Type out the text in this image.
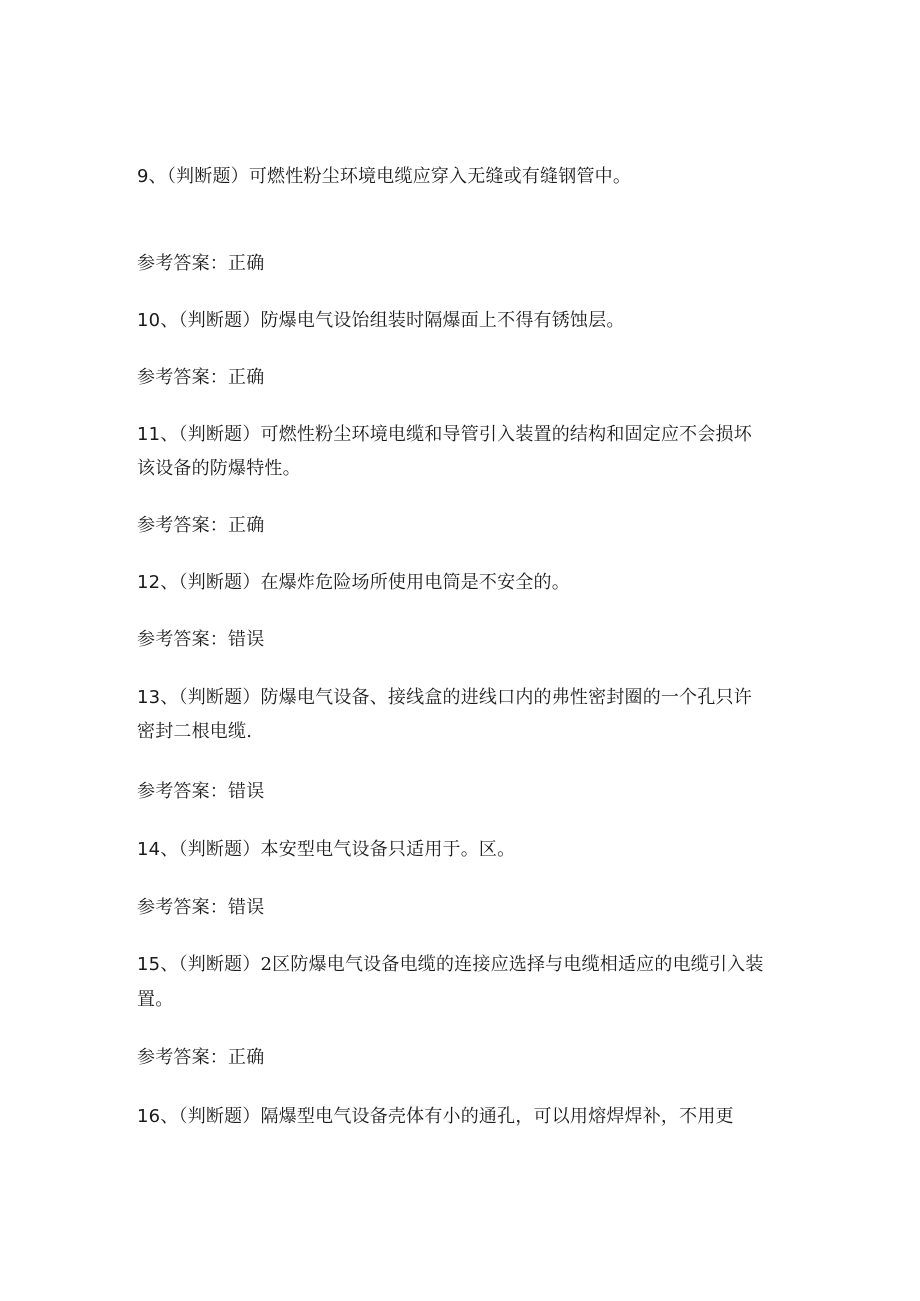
9、（判断题）可燃性粉尘环境电缆应穿入无缝或有缝钢管中。
参考答案：正确
10、（判断题）防爆电气设饴组装时隔爆面上不得有锈蚀层。
参考答案：正确
11、（判断题）可燃性粉尘环境电缆和导管引入装置的结构和固定应不会损坏
该设备的防爆特性。
参考答案：正确
12、（判断题）在爆炸危险场所使用电筒是不安全的。
参考答案：错误
13、（判断题）防爆电气设备、接线盒的进线口内的弗性密封圈的一个孔只许
密封二根电缆.
参考答案：错误
14、（判断题）本安型电气设备只适用于。区。
参考答案：错误
15、（判断题）2区防爆电气设备电缆的连接应选择与电缆相适应的电缆引入装
置。
参考答案：正确
16、（判断题）隔爆型电气设备壳体有小的通孔，可以用熔焊焊补，不用更
